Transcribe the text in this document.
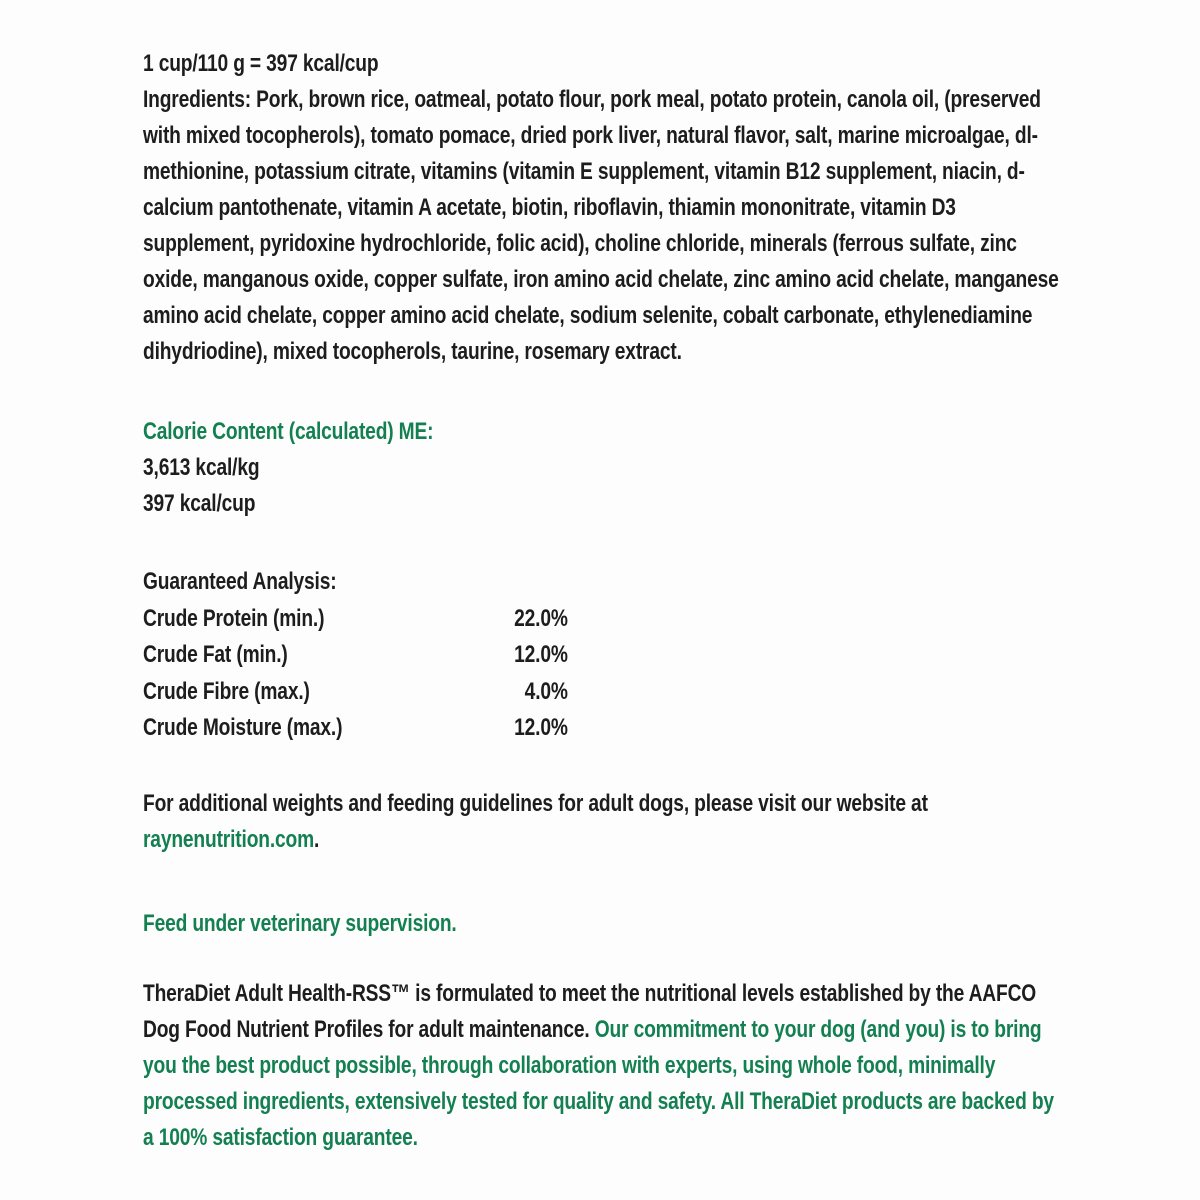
1 cup/110 g = 397 kcal/cup

Ingredients: Pork, brown rice, oatmeal, potato flour, pork meal, potato protein, canola oil, (preserved with mixed tocopherols), tomato pomace, dried pork liver, natural flavor, salt, marine microalgae, dl-methionine, potassium citrate, vitamins (vitamin E supplement, vitamin B12 supplement, niacin, d-calcium pantothenate, vitamin A acetate, biotin, riboflavin, thiamin mononitrate, vitamin D3 supplement, pyridoxine hydrochloride, folic acid), choline chloride, minerals (ferrous sulfate, zinc oxide, manganous oxide, copper sulfate, iron amino acid chelate, zinc amino acid chelate, manganese amino acid chelate, copper amino acid chelate, sodium selenite, cobalt carbonate, ethylenediamine dihydriodine), mixed tocopherols, taurine, rosemary extract.

Calorie Content (calculated) ME:

3,613 kcal/kg

397 kcal/cup

Guaranteed Analysis:

Crude Protein (min.)	22.0%
Crude Fat (min.)	12.0%
Crude Fibre (max.)	4.0%
Crude Moisture (max.)	12.0%

For additional weights and feeding guidelines for adult dogs, please visit our website at
raynenutrition.com.

Feed under veterinary supervision.

TheraDiet Adult Health-RSS™ is formulated to meet the nutritional levels established by the AAFCO Dog Food Nutrient Profiles for adult maintenance. Our commitment to your dog (and you) is to bring you the best product possible, through collaboration with experts, using whole food, minimally processed ingredients, extensively tested for quality and safety. All TheraDiet products are backed by a 100% satisfaction guarantee.
